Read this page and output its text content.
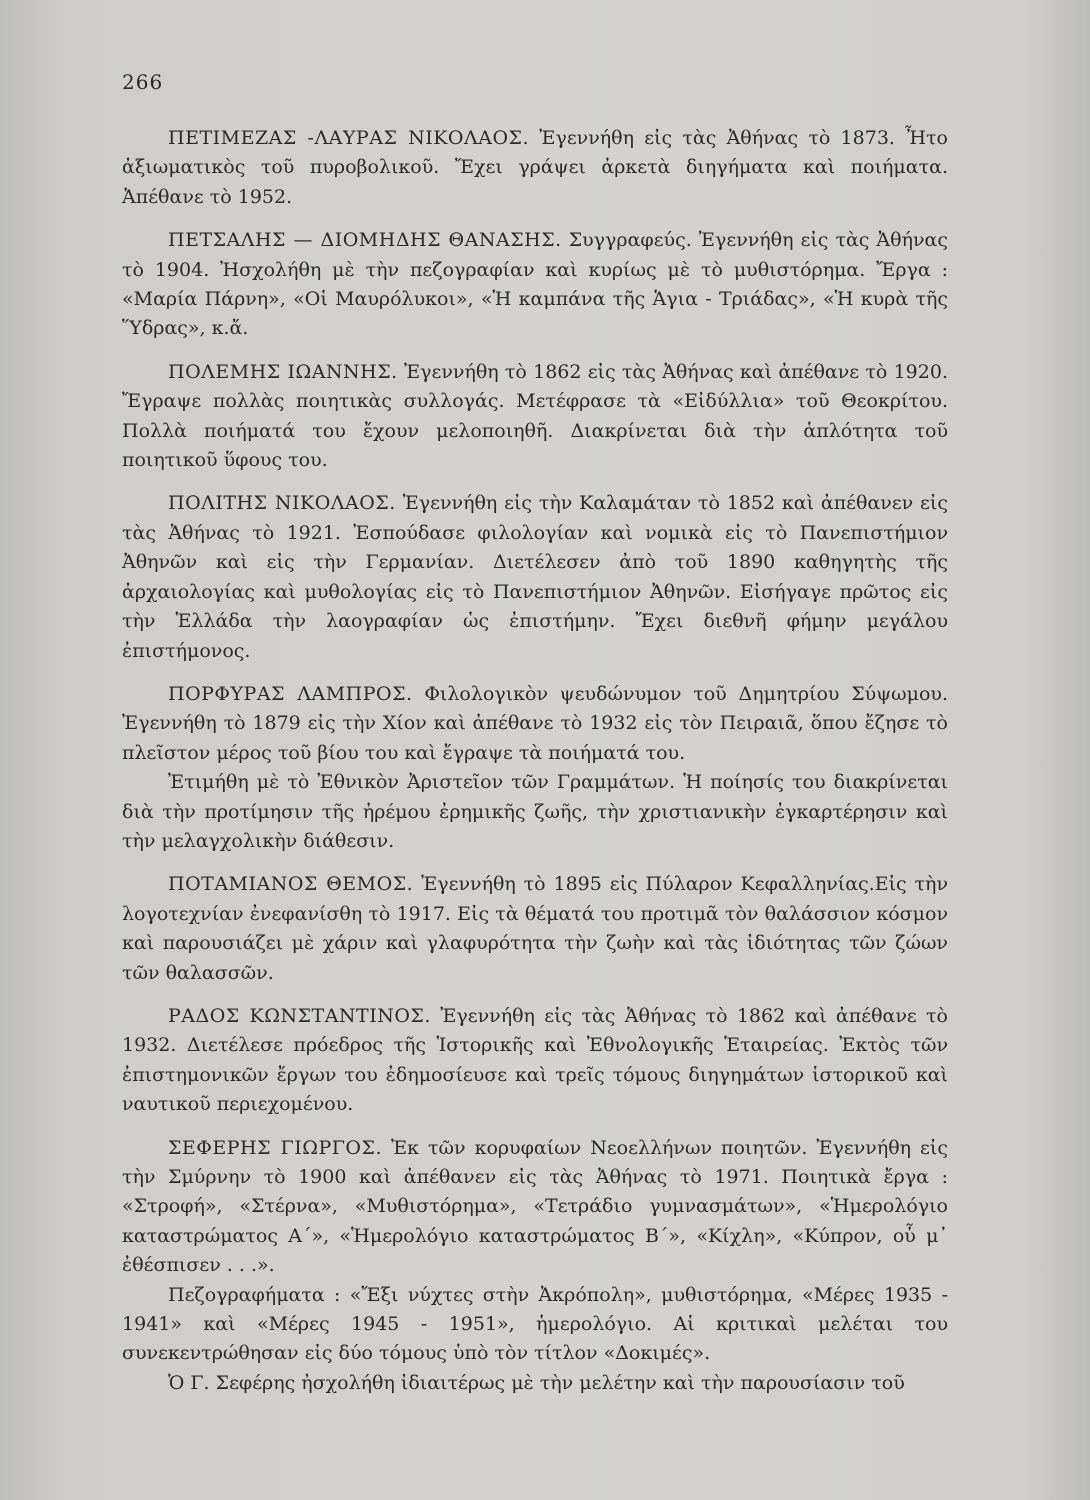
266

ΠΕΤΙΜΕΖΑΣ -ΛΑΥΡΑΣ ΝΙΚΟΛΑΟΣ. Ἐγεννήθη εἰς τὰς Ἀθήνας τὸ 1873. Ἦτο ἀξιωματικὸς τοῦ πυροβολικοῦ. Ἔχει γράψει ἀρκετὰ διηγήματα καὶ ποιήματα. Ἀπέθανε τὸ 1952.

ΠΕΤΣΑΛΗΣ — ΔΙΟΜΗΔΗΣ ΘΑΝΑΣΗΣ. Συγγραφεύς. Ἐγεννήθη εἰς τὰς Ἀθήνας τὸ 1904. Ἠσχολήθη μὲ τὴν πεζογραφίαν καὶ κυρίως μὲ τὸ μυθιστόρημα. Ἔργα : «Μαρία Πάρνη», «Οἱ Μαυρόλυκοι», «Ἡ καμπάνα τῆς Ἁγια - Τριάδας», «Ἡ κυρὰ τῆς Ὕδρας», κ.ἄ.

ΠΟΛΕΜΗΣ ΙΩΑΝΝΗΣ. Ἐγεννήθη τὸ 1862 εἰς τὰς Ἀθήνας καὶ ἀπέθανε τὸ 1920. Ἔγραψε πολλὰς ποιητικὰς συλλογάς. Μετέφρασε τὰ «Εἰδύλλια» τοῦ Θεοκρίτου. Πολλὰ ποιήματά του ἔχουν μελοποιηθῆ. Διακρίνεται διὰ τὴν ἁπλότητα τοῦ ποιητικοῦ ὕφους του.

ΠΟΛΙΤΗΣ ΝΙΚΟΛΑΟΣ. Ἐγεννήθη εἰς τὴν Καλαμάταν τὸ 1852 καὶ ἀπέθανεν εἰς τὰς Ἀθήνας τὸ 1921. Ἐσπούδασε φιλολογίαν καὶ νομικὰ εἰς τὸ Πανεπιστήμιον Ἀθηνῶν καὶ εἰς τὴν Γερμανίαν. Διετέλεσεν ἀπὸ τοῦ 1890 καθηγητὴς τῆς ἀρχαιολογίας καὶ μυθολογίας εἰς τὸ Πανεπιστήμιον Ἀθηνῶν. Εἰσήγαγε πρῶτος εἰς τὴν Ἑλλάδα τὴν λαογραφίαν ὡς ἐπιστήμην. Ἔχει διεθνῆ φήμην μεγάλου ἐπιστήμονος.

ΠΟΡΦΥΡΑΣ ΛΑΜΠΡΟΣ. Φιλολογικὸν ψευδώνυμον τοῦ Δημητρίου Σύψωμου. Ἐγεννήθη τὸ 1879 εἰς τὴν Χίον καὶ ἀπέθανε τὸ 1932 εἰς τὸν Πειραιᾶ, ὅπου ἔζησε τὸ πλεῖστον μέρος τοῦ βίου του καὶ ἔγραψε τὰ ποιήματά του.

Ἐτιμήθη μὲ τὸ Ἐθνικὸν Ἀριστεῖον τῶν Γραμμάτων. Ἡ ποίησίς του διακρίνεται διὰ τὴν προτίμησιν τῆς ἠρέμου ἐρημικῆς ζωῆς, τὴν χριστιανικὴν ἐγκαρτέρησιν καὶ τὴν μελαγχολικὴν διάθεσιν.

ΠΟΤΑΜΙΑΝΟΣ ΘΕΜΟΣ. Ἐγεννήθη τὸ 1895 εἰς Πύλαρον Κεφαλληνίας.Εἰς τὴν λογοτεχνίαν ἐνεφανίσθη τὸ 1917. Εἰς τὰ θέματά του προτιμᾶ τὸν θαλάσσιον κόσμον καὶ παρουσιάζει μὲ χάριν καὶ γλαφυρότητα τὴν ζωὴν καὶ τὰς ἰδιότητας τῶν ζώων τῶν θαλασσῶν.

ΡΑΔΟΣ ΚΩΝΣΤΑΝΤΙΝΟΣ. Ἐγεννήθη εἰς τὰς Ἀθήνας τὸ 1862 καὶ ἀπέθανε τὸ 1932. Διετέλεσε πρόεδρος τῆς Ἱστορικῆς καὶ Ἐθνολογικῆς Ἑταιρείας. Ἐκτὸς τῶν ἐπιστημονικῶν ἔργων του ἐδημοσίευσε καὶ τρεῖς τόμους διηγημάτων ἱστορικοῦ καὶ ναυτικοῦ περιεχομένου.

ΣΕΦΕΡΗΣ ΓΙΩΡΓΟΣ. Ἐκ τῶν κορυφαίων Νεοελλήνων ποιητῶν. Ἐγεννήθη εἰς τὴν Σμύρνην τὸ 1900 καὶ ἀπέθανεν εἰς τὰς Ἀθήνας τὸ 1971. Ποιητικὰ ἔργα : «Στροφή», «Στέρνα», «Μυθιστόρημα», «Τετράδιο γυμνασμάτων», «Ἡμερολόγιο καταστρώματος Α΄», «Ἡμερολόγιο καταστρώματος Β΄», «Κίχλη», «Κύπρον, οὗ μ᾽ ἐθέσπισεν . . .».

Πεζογραφήματα : «Ἔξι νύχτες στὴν Ἀκρόπολη», μυθιστόρημα, «Μέρες 1935 - 1941» καὶ «Μέρες 1945 - 1951», ἡμερολόγιο. Αἱ κριτικαὶ μελέται του συνεκεντρώθησαν εἰς δύο τόμους ὑπὸ τὸν τίτλον «Δοκιμές».

Ὁ Γ. Σεφέρης ἠσχολήθη ἰδιαιτέρως μὲ τὴν μελέτην καὶ τὴν παρουσίασιν τοῦ
